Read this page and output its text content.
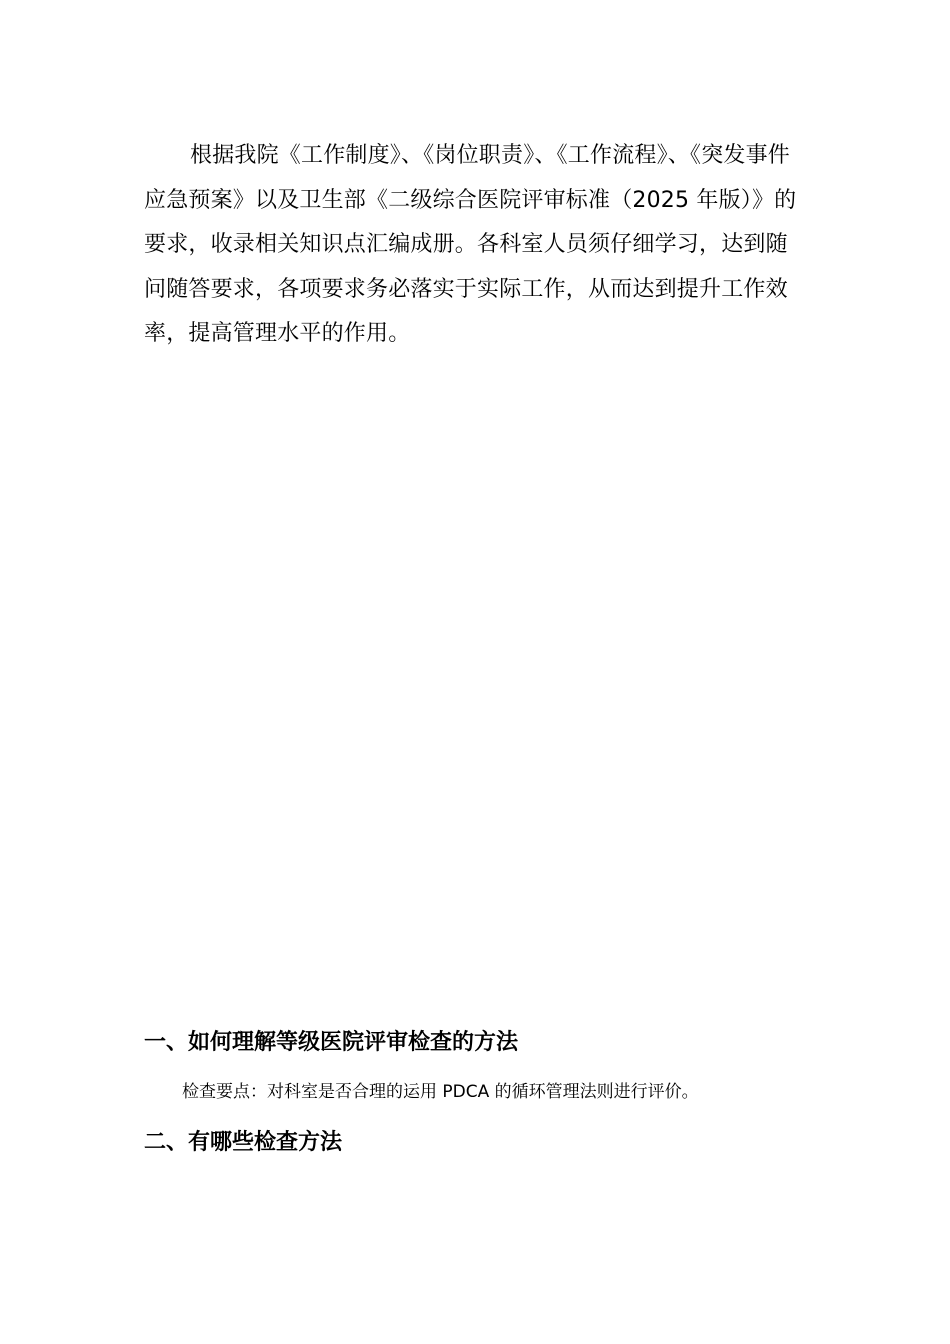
根据我院《工作制度》、《岗位职责》、《工作流程》、《突发事件应急预案》以及卫生部《二级综合医院评审标准（2025 年版）》的要求，收录相关知识点汇编成册。各科室人员须仔细学习，达到随问随答要求，各项要求务必落实于实际工作，从而达到提升工作效率，提高管理水平的作用。

一、如何理解等级医院评审检查的方法

检查要点：对科室是否合理的运用 PDCA 的循环管理法则进行评价。

二、有哪些检查方法
